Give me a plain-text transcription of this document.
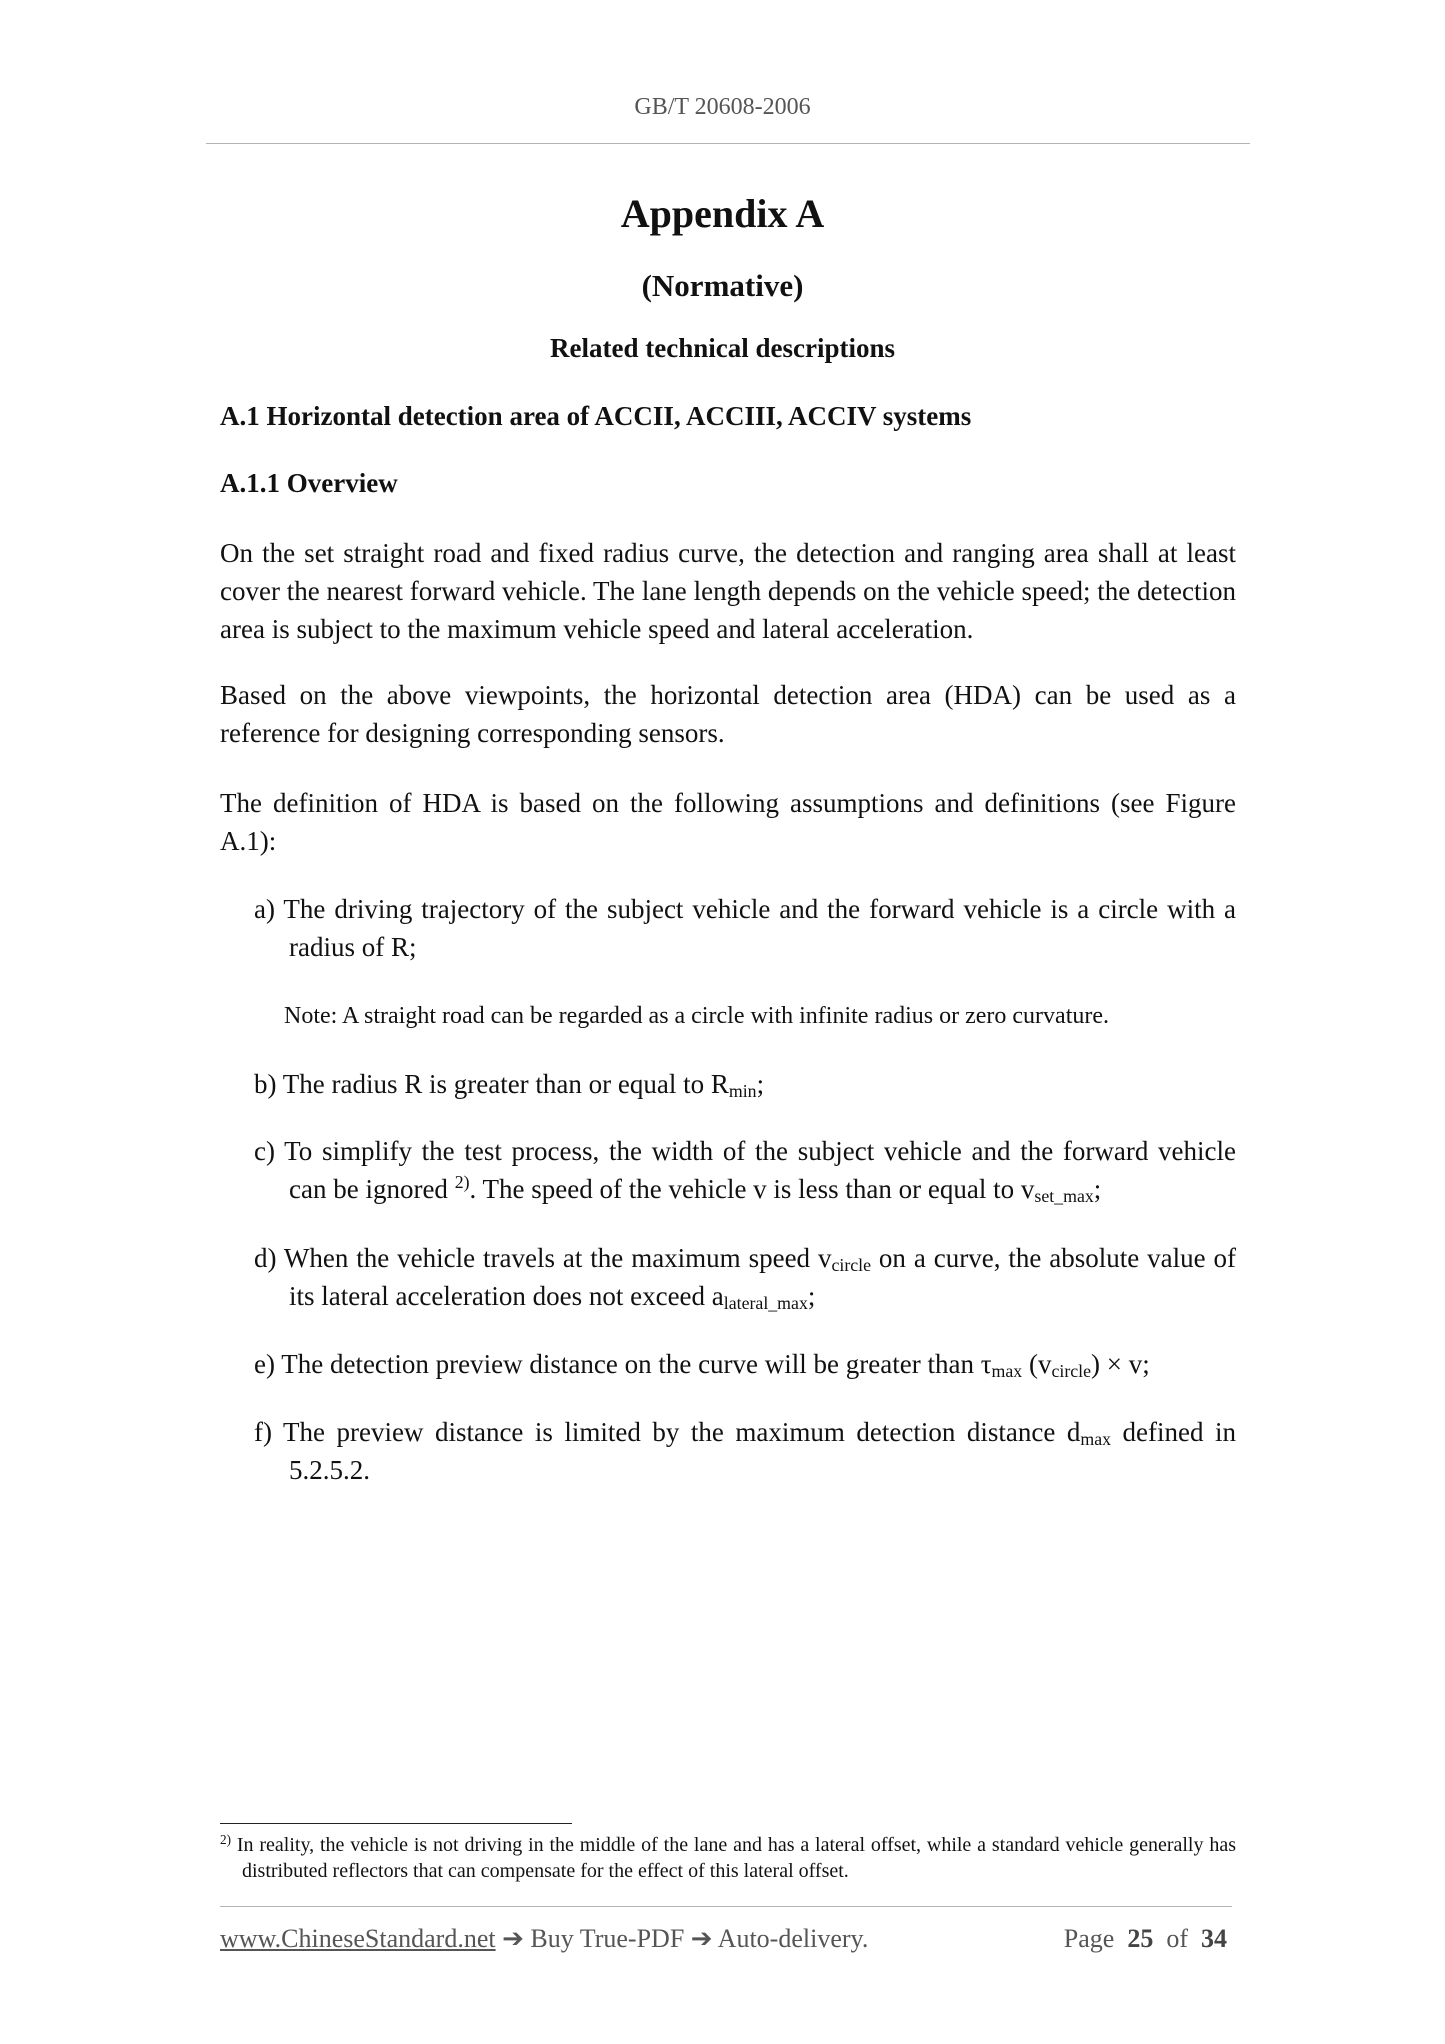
GB/T 20608-2006
Appendix A
(Normative)
Related technical descriptions
A.1 Horizontal detection area of ACCII, ACCIII, ACCIV systems
A.1.1 Overview
On the set straight road and fixed radius curve, the detection and ranging area shall at least cover the nearest forward vehicle. The lane length depends on the vehicle speed; the detection area is subject to the maximum vehicle speed and lateral acceleration.
Based on the above viewpoints, the horizontal detection area (HDA) can be used as a reference for designing corresponding sensors.
The definition of HDA is based on the following assumptions and definitions (see Figure A.1):
a) The driving trajectory of the subject vehicle and the forward vehicle is a circle with a radius of R;
Note: A straight road can be regarded as a circle with infinite radius or zero curvature.
b) The radius R is greater than or equal to $R_{min}$;
c) To simplify the test process, the width of the subject vehicle and the forward vehicle can be ignored $^{2)}$. The speed of the vehicle v is less than or equal to $v_{set\_max}$;
d) When the vehicle travels at the maximum speed $v_{circle}$ on a curve, the absolute value of its lateral acceleration does not exceed $a_{lateral\_max}$;
e) The detection preview distance on the curve will be greater than $\tau_{max}$ $(v_{circle}) \times v$;
f) The preview distance is limited by the maximum detection distance $d_{max}$ defined in 5.2.5.2.
$^{2)}$ In reality, the vehicle is not driving in the middle of the lane and has a lateral offset, while a standard vehicle generally has distributed reflectors that can compensate for the effect of this lateral offset.
www.ChineseStandard.net ➔ Buy True-PDF ➔ Auto-delivery.	Page 25 of 34
